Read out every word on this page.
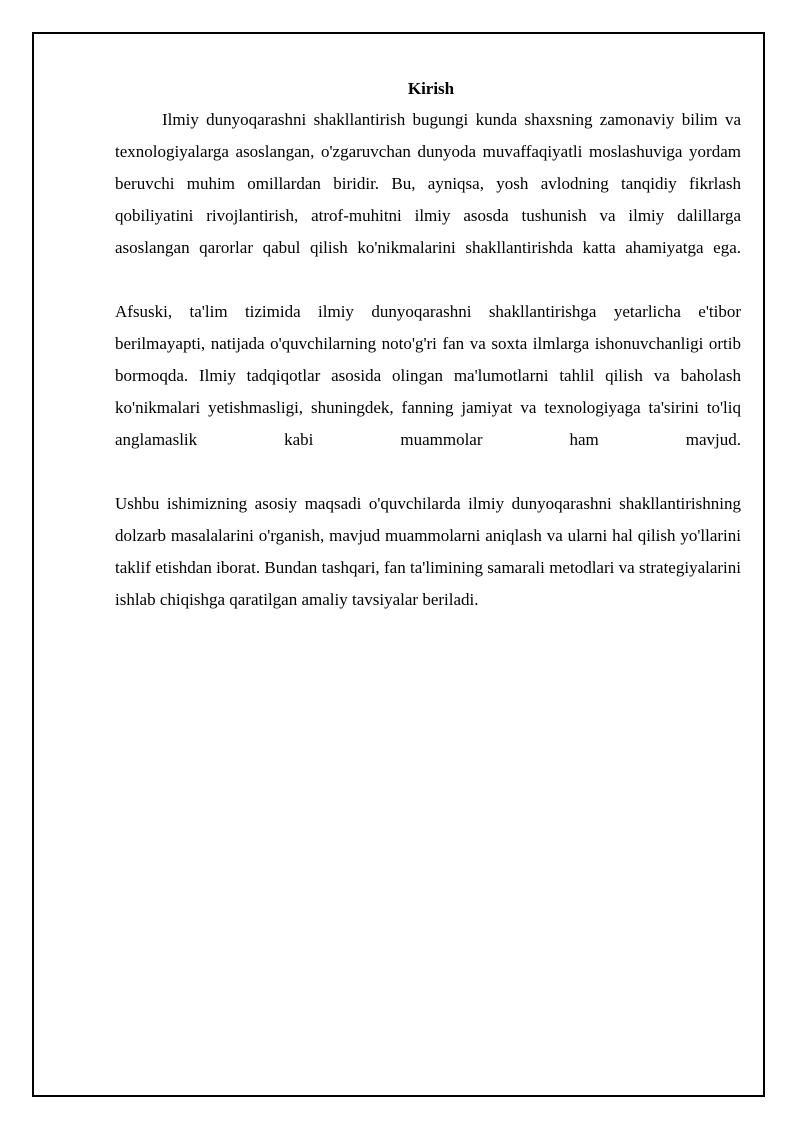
Kirish

Ilmiy dunyoqarashni shakllantirish bugungi kunda shaxsning zamonaviy bilim va texnologiyalarga asoslangan, o'zgaruvchan dunyoda muvaffaqiyatli moslashuviga yordam beruvchi muhim omillardan biridir. Bu, ayniqsa, yosh avlodning tanqidiy fikrlash qobiliyatini rivojlantirish, atrof-muhitni ilmiy asosda tushunish va ilmiy dalillarga asoslangan qarorlar qabul qilish ko'nikmalarini shakllantirishda katta ahamiyatga ega.

Afsuski, ta'lim tizimida ilmiy dunyoqarashni shakllantirishga yetarlicha e'tibor berilmayapti, natijada o'quvchilarning noto'g'ri fan va soxta ilmlarga ishonuvchanligi ortib bormoqda. Ilmiy tadqiqotlar asosida olingan ma'lumotlarni tahlil qilish va baholash ko'nikmalari yetishmasligi, shuningdek, fanning jamiyat va texnologiyaga ta'sirini to'liq anglamaslik kabi muammolar ham mavjud.

Ushbu ishimizning asosiy maqsadi o'quvchilarda ilmiy dunyoqarashni shakllantirishning dolzarb masalalarini o'rganish, mavjud muammolarni aniqlash va ularni hal qilish yo'llarini taklif etishdan iborat. Bundan tashqari, fan ta'limining samarali metodlari va strategiyalarini ishlab chiqishga qaratilgan amaliy tavsiyalar beriladi.
